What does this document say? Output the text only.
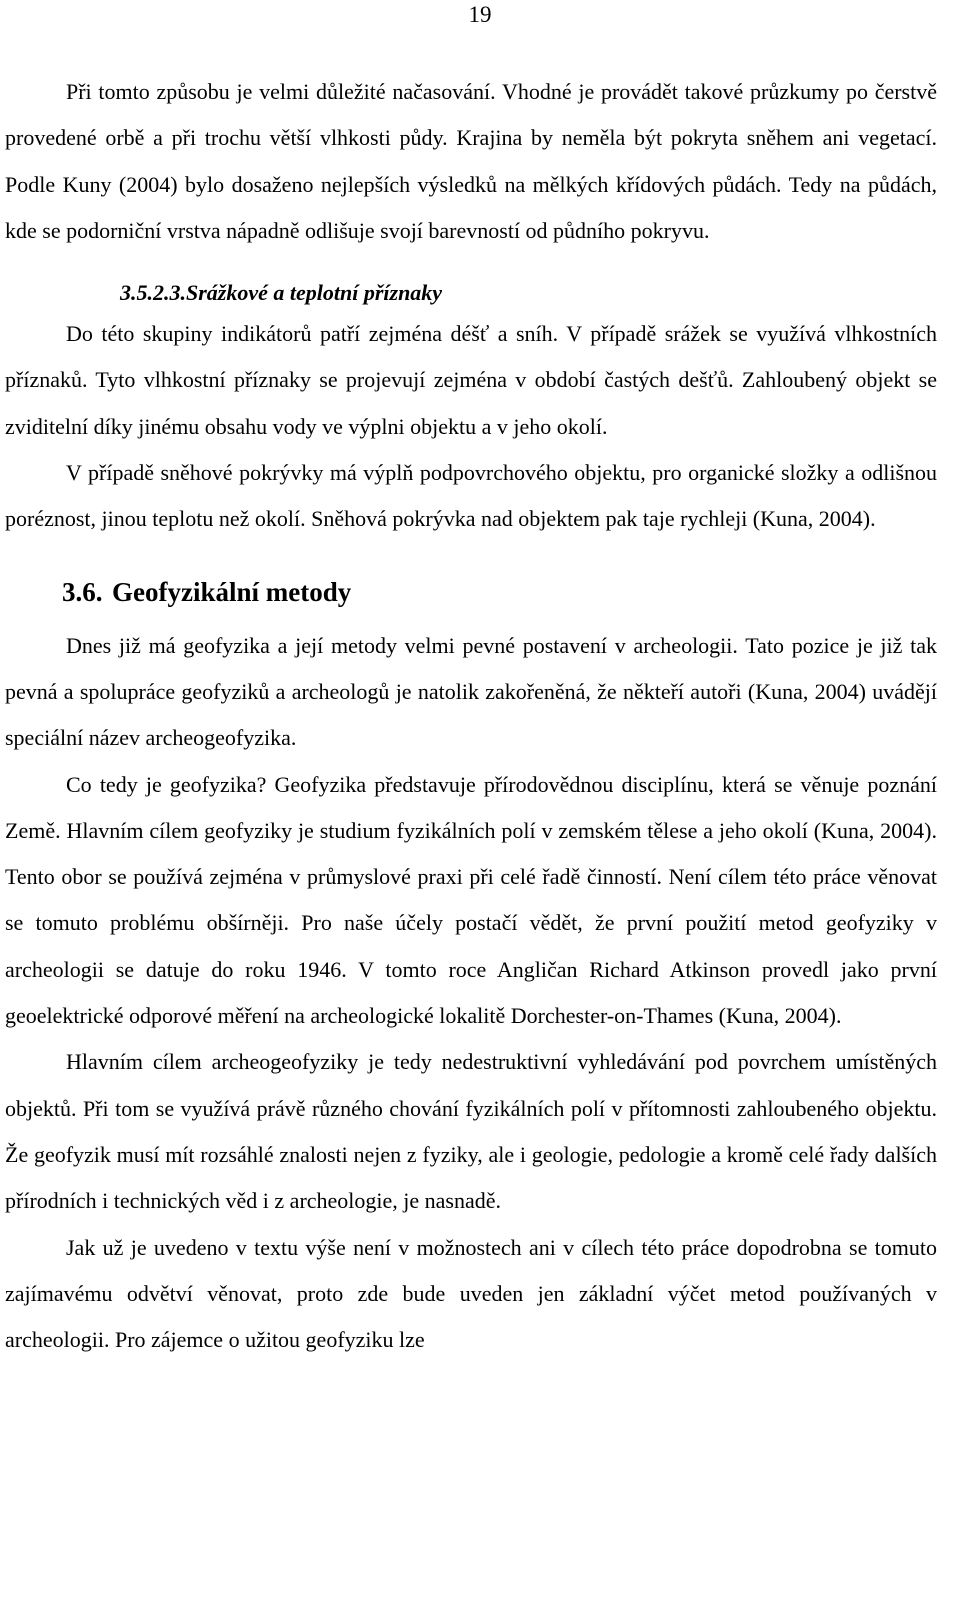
19

Při tomto způsobu je velmi důležité načasování. Vhodné je provádět takové průzkumy po čerstvě provedené orbě a při trochu větší vlhkosti půdy. Krajina by neměla být pokryta sněhem ani vegetací. Podle Kuny (2004) bylo dosaženo nejlepších výsledků na mělkých křídových půdách. Tedy na půdách, kde se podorniční vrstva nápadně odlišuje svojí barevností od půdního pokryvu.

3.5.2.3.Srážkové a teplotní příznaky

Do této skupiny indikátorů patří zejména déšť a sníh. V případě srážek se využívá vlhkostních příznaků. Tyto vlhkostní příznaky se projevují zejména v období častých dešťů. Zahloubený objekt se zviditelní díky jinému obsahu vody ve výplni objektu a v jeho okolí.

V případě sněhové pokrývky má výplň podpovrchového objektu, pro organické složky a odlišnou poréznost, jinou teplotu než okolí. Sněhová pokrývka nad objektem pak taje rychleji (Kuna, 2004).

3.6. Geofyzikální metody

Dnes již má geofyzika a její metody velmi pevné postavení v archeologii. Tato pozice je již tak pevná a spolupráce geofyziků a archeologů je natolik zakořeněná, že někteří autoři (Kuna, 2004) uvádějí speciální název archeogeofyzika.

Co tedy je geofyzika? Geofyzika představuje přírodovědnou disciplínu, která se věnuje poznání Země. Hlavním cílem geofyziky je studium fyzikálních polí v zemském tělese a jeho okolí (Kuna, 2004). Tento obor se používá zejména v průmyslové praxi při celé řadě činností. Není cílem této práce věnovat se tomuto problému obšírněji. Pro naše účely postačí vědět, že první použití metod geofyziky v archeologii se datuje do roku 1946. V tomto roce Angličan Richard Atkinson provedl jako první geoelektrické odporové měření na archeologické lokalitě Dorchester-on-Thames (Kuna, 2004).

Hlavním cílem archeogeofyziky je tedy nedestruktivní vyhledávání pod povrchem umístěných objektů. Při tom se využívá právě různého chování fyzikálních polí v přítomnosti zahloubeného objektu. Že geofyzik musí mít rozsáhlé znalosti nejen z fyziky, ale i geologie, pedologie a kromě celé řady dalších přírodních i technických věd i z archeologie, je nasnadě.

Jak už je uvedeno v textu výše není v možnostech ani v cílech této práce dopodrobna se tomuto zajímavému odvětví věnovat, proto zde bude uveden jen základní výčet metod používaných v archeologii. Pro zájemce o užitou geofyziku lze
